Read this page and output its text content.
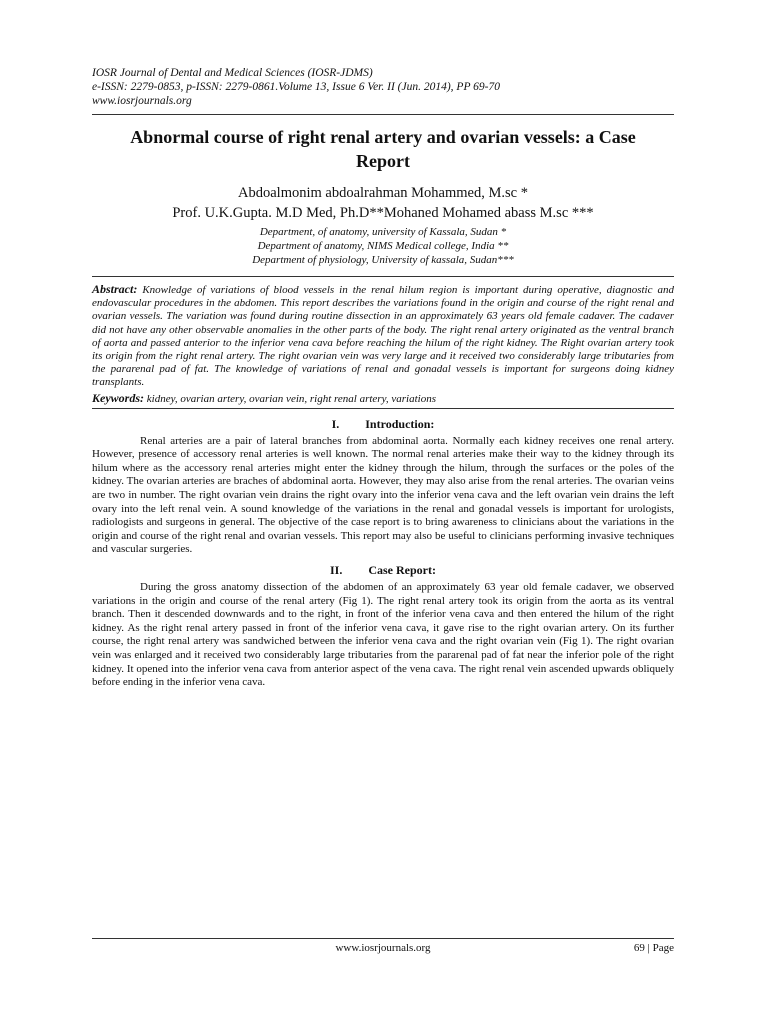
IOSR Journal of Dental and Medical Sciences (IOSR-JDMS)
e-ISSN: 2279-0853, p-ISSN: 2279-0861.Volume 13, Issue 6 Ver. II (Jun. 2014), PP 69-70
www.iosrjournals.org
Abnormal course of right renal artery and ovarian vessels: a Case Report
Abdoalmonim abdoalrahman Mohammed, M.sc *
Prof. U.K.Gupta. M.D Med, Ph.D**Mohaned Mohamed abass M.sc ***
Department, of anatomy, university of Kassala, Sudan *
Department of anatomy, NIMS Medical college, India **
Department of physiology, University of kassala, Sudan***
Abstract: Knowledge of variations of blood vessels in the renal hilum region is important during operative, diagnostic and endovascular procedures in the abdomen. This report describes the variations found in the origin and course of the right renal and ovarian vessels. The variation was found during routine dissection in an approximately 63 years old female cadaver. The cadaver did not have any other observable anomalies in the other parts of the body. The right renal artery originated as the ventral branch of aorta and passed anterior to the inferior vena cava before reaching the hilum of the right kidney. The Right ovarian artery took its origin from the right renal artery. The right ovarian vein was very large and it received two considerably large tributaries from the pararenal pad of fat. The knowledge of variations of renal and gonadal vessels is important for surgeons doing kidney transplants.
Keywords: kidney, ovarian artery, ovarian vein, right renal artery, variations
I. Introduction:
Renal arteries are a pair of lateral branches from abdominal aorta. Normally each kidney receives one renal artery. However, presence of accessory renal arteries is well known. The normal renal arteries make their way to the kidney through its hilum where as the accessory renal arteries might enter the kidney through the hilum, through the surfaces or the poles of the kidney. The ovarian arteries are braches of abdominal aorta. However, they may also arise from the renal arteries. The ovarian veins are two in number. The right ovarian vein drains the right ovary into the inferior vena cava and the left ovarian vein drains the left ovary into the left renal vein. A sound knowledge of the variations in the renal and gonadal vessels is important for urologists, radiologists and surgeons in general. The objective of the case report is to bring awareness to clinicians about the variations in the origin and course of the right renal and ovarian vessels. This report may also be useful to clinicians performing invasive techniques and vascular surgeries.
II. Case Report:
During the gross anatomy dissection of the abdomen of an approximately 63 year old female cadaver, we observed variations in the origin and course of the renal artery (Fig 1). The right renal artery took its origin from the aorta as its ventral branch. Then it descended downwards and to the right, in front of the inferior vena cava and then entered the hilum of the right kidney. As the right renal artery passed in front of the inferior vena cava, it gave rise to the right ovarian artery. On its further course, the right renal artery was sandwiched between the inferior vena cava and the right ovarian vein (Fig 1). The right ovarian vein was enlarged and it received two considerably large tributaries from the pararenal pad of fat near the inferior pole of the right kidney. It opened into the inferior vena cava from anterior aspect of the vena cava. The right renal vein ascended upwards obliquely before ending in the inferior vena cava.
www.iosrjournals.org	69 | Page
